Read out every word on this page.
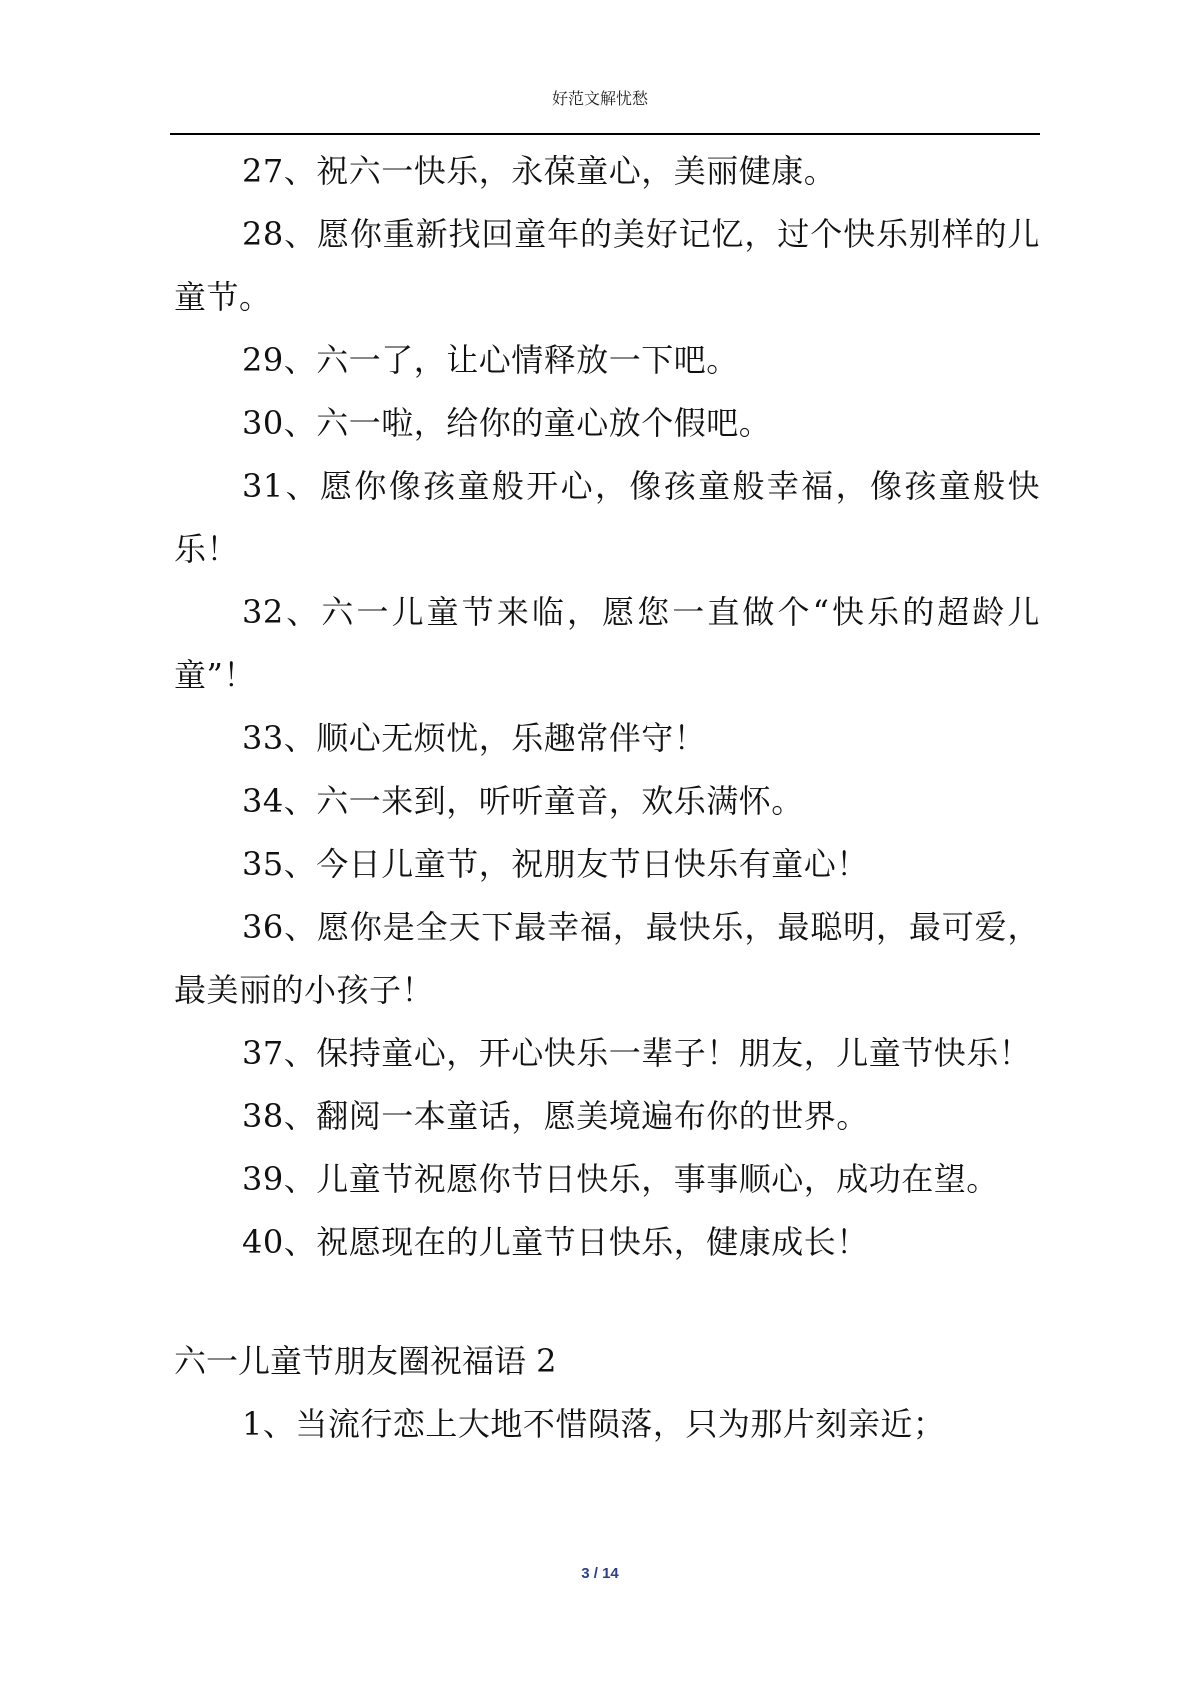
好范文解忧愁

27、祝六一快乐，永葆童心，美丽健康。

28、愿你重新找回童年的美好记忆，过个快乐别样的儿童节。

29、六一了，让心情释放一下吧。

30、六一啦，给你的童心放个假吧。

31、愿你像孩童般开心，像孩童般幸福，像孩童般快乐！

32、六一儿童节来临，愿您一直做个“快乐的超龄儿童”！

33、顺心无烦忧，乐趣常伴守！

34、六一来到，听听童音，欢乐满怀。

35、今日儿童节，祝朋友节日快乐有童心！

36、愿你是全天下最幸福，最快乐，最聪明，最可爱，最美丽的小孩子！

37、保持童心，开心快乐一辈子！朋友，儿童节快乐！

38、翻阅一本童话，愿美境遍布你的世界。

39、儿童节祝愿你节日快乐，事事顺心，成功在望。

40、祝愿现在的儿童节日快乐，健康成长！

六一儿童节朋友圈祝福语 2

1、当流行恋上大地不惜陨落，只为那片刻亲近；

3 / 14
